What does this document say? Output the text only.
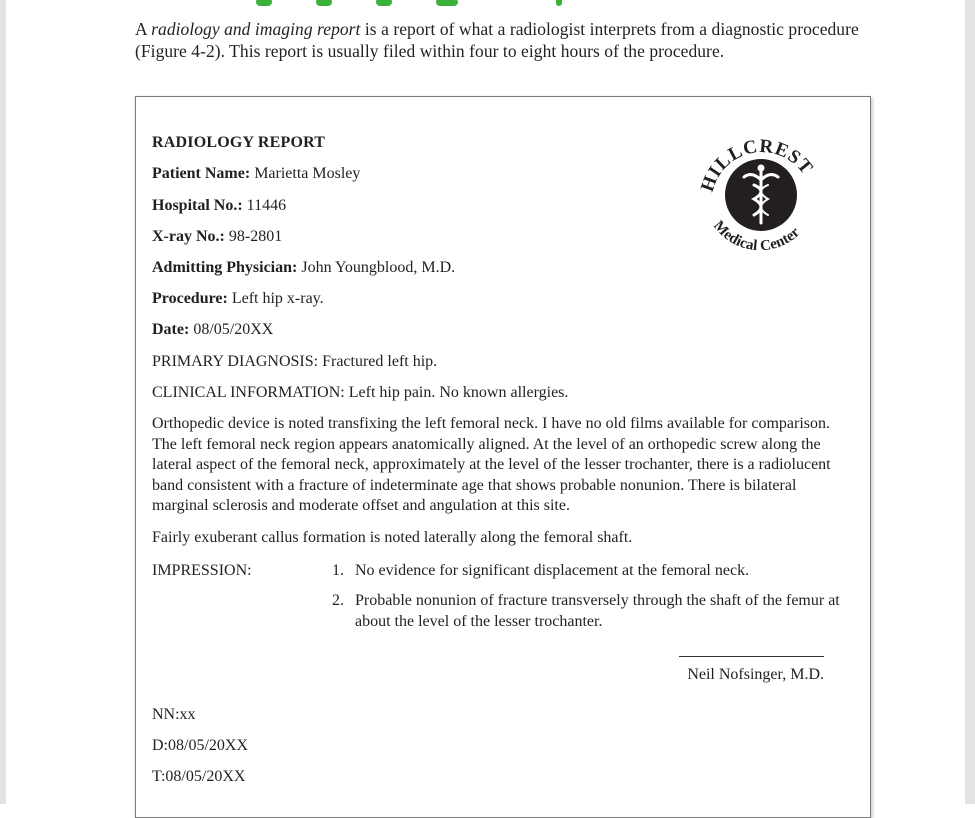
A radiology and imaging report is a report of what a radiologist interprets from a diagnostic procedure (Figure 4-2). This report is usually filed within four to eight hours of the procedure.

RADIOLOGY REPORT
Patient Name: Marietta Mosley
Hospital No.: 11446
X-ray No.: 98-2801
Admitting Physician: John Youngblood, M.D.
Procedure: Left hip x-ray.
Date: 08/05/20XX
PRIMARY DIAGNOSIS: Fractured left hip.
CLINICAL INFORMATION: Left hip pain. No known allergies.
Orthopedic device is noted transfixing the left femoral neck. I have no old films available for comparison. The left femoral neck region appears anatomically aligned. At the level of an orthopedic screw along the lateral aspect of the femoral neck, approximately at the level of the lesser trochanter, there is a radiolucent band consistent with a fracture of indeterminate age that shows probable nonunion. There is bilateral marginal sclerosis and moderate offset and angulation at this site.
Fairly exuberant callus formation is noted laterally along the femoral shaft.
IMPRESSION:	1. No evidence for significant displacement at the femoral neck.
2. Probable nonunion of fracture transversely through the shaft of the femur at about the level of the lesser trochanter.
Neil Nofsinger, M.D.
NN:xx
D:08/05/20XX
T:08/05/20XX
HILLCREST
Medical Center
